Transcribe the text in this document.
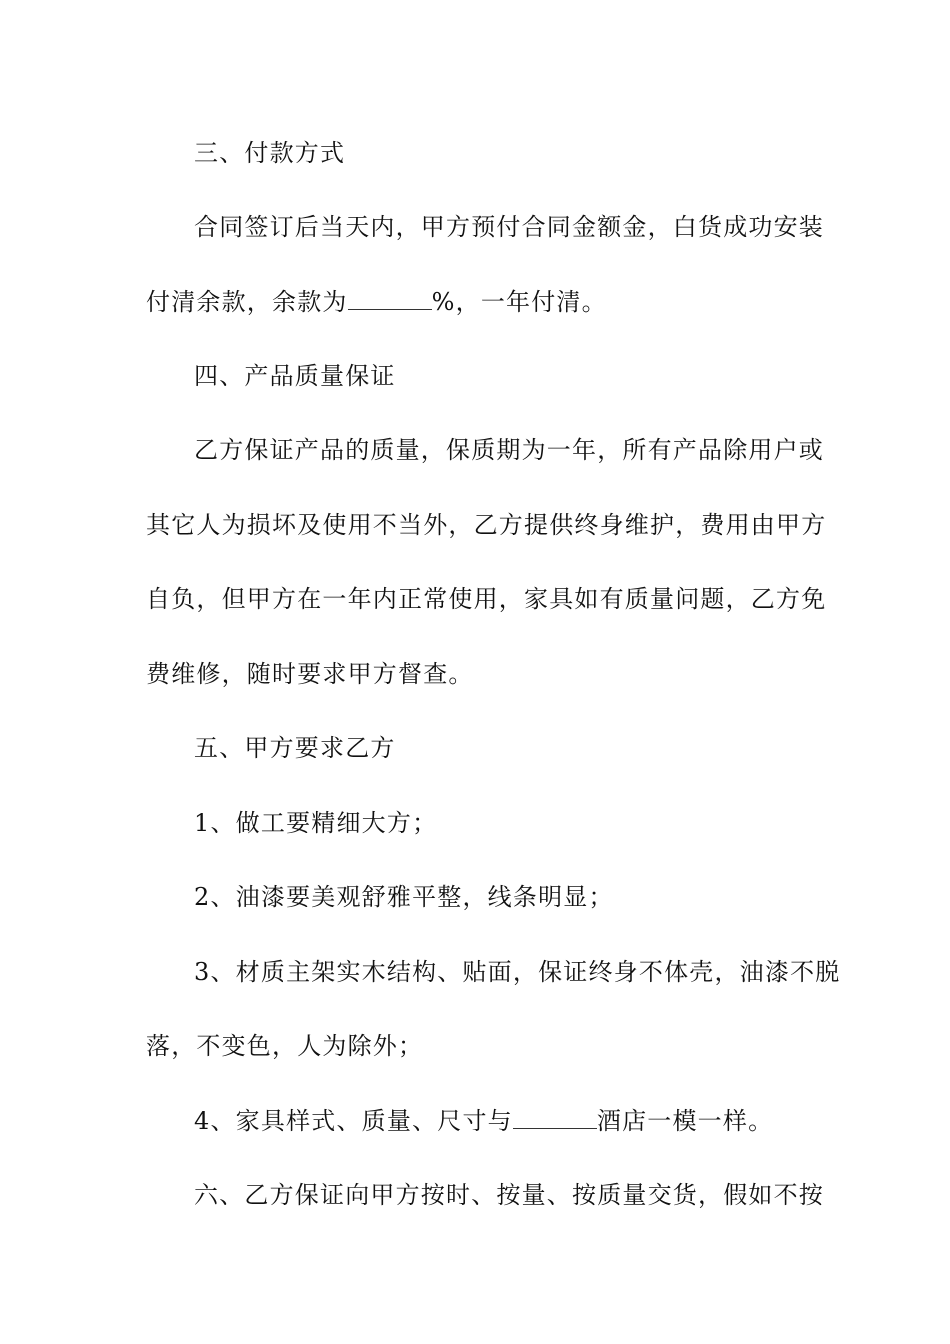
三、付款方式
合同签订后当天内，甲方预付合同金额金，白货成功安装
付清余款，余款为	%，一年付清。
四、产品质量保证
乙方保证产品的质量，保质期为一年，所有产品除用户或
其它人为损坏及使用不当外，乙方提供终身维护，费用由甲方
自负，但甲方在一年内正常使用，家具如有质量问题，乙方免
费维修，随时要求甲方督查。
五、甲方要求乙方
1、做工要精细大方；
2、油漆要美观舒雅平整，线条明显；
3、材质主架实木结构、贴面，保证终身不体壳，油漆不脱
落，不变色，人为除外；
4、家具样式、质量、尺寸与	酒店一模一样。
六、乙方保证向甲方按时、按量、按质量交货，假如不按
